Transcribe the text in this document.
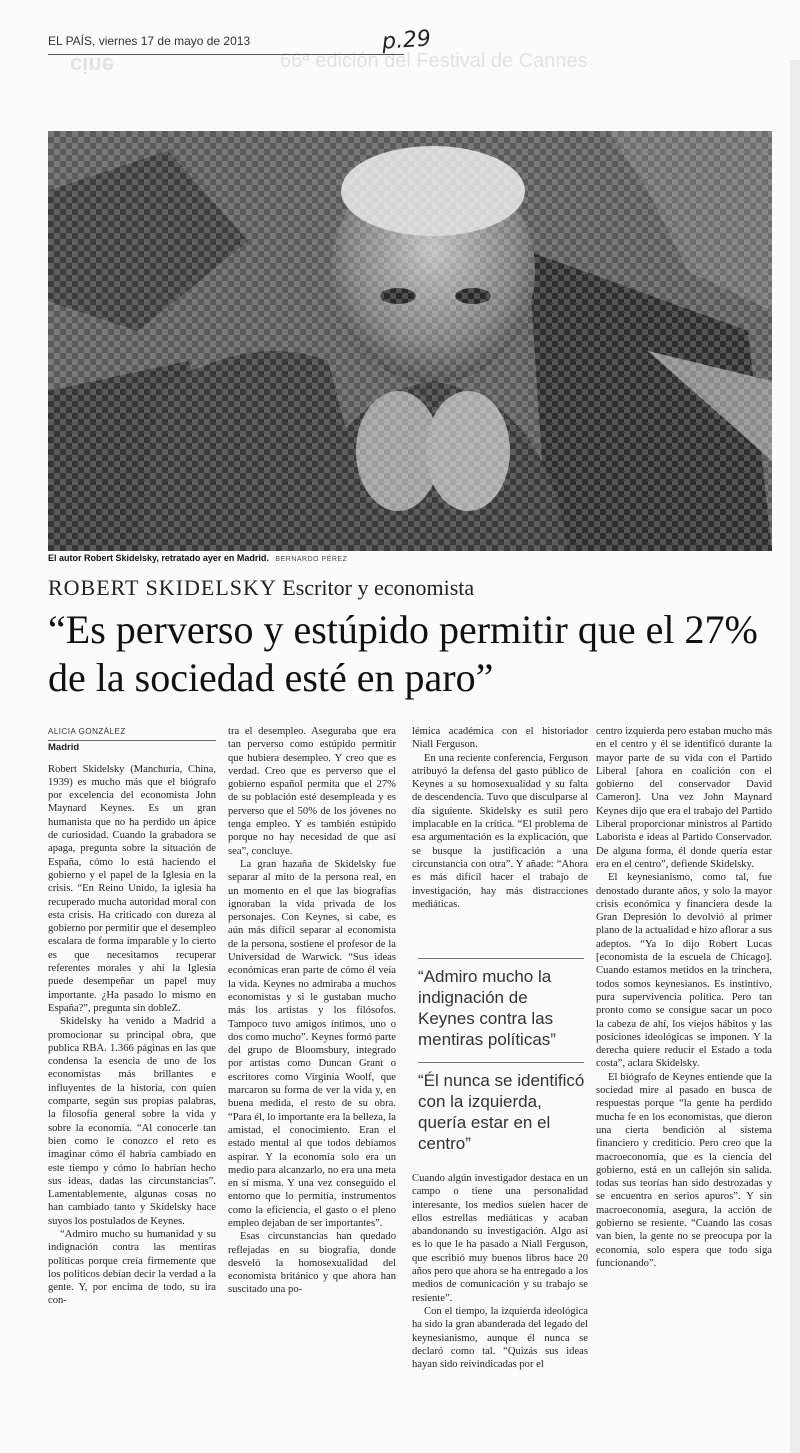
cine	66ª edición del Festival de Cannes
EL PAÍS, viernes 17 de mayo de 2013	p.29
El autor Robert Skidelsky, retratado ayer en Madrid. BERNARDO PÉREZ
ROBERT SKIDELSKY Escritor y economista
“Es perverso y estúpido permitir que el 27% de la sociedad esté en paro”
ALICIA GONZÁLEZ
Madrid

Robert Skidelsky (Manchuria, China, 1939) es mucho más que el biógrafo por excelencia del economista John Maynard Keynes. Es un gran humanista que no ha perdido un ápice de curiosidad. Cuando la grabadora se apaga, pregunta sobre la situación de España, cómo lo está haciendo el gobierno y el papel de la Iglesia en la crisis. “En Reino Unido, la iglesia ha recuperado mucha autoridad moral con esta crisis. Ha criticado con dureza al gobierno por permitir que el desempleo escalara de forma imparable y lo cierto es que necesitamos recuperar referentes morales y ahí la Iglesia puede desempeñar un papel muy importante. ¿Ha pasado lo mismo en España?”, pregunta sin dobleZ.

Skidelsky ha venido a Madrid a promocionar su principal obra, que publica RBA. 1.366 páginas en las que condensa la esencia de uno de los economistas más brillantes e influyentes de la historia, con quien comparte, según sus propias palabras, la filosofía general sobre la vida y sobre la economía. “Al conocerle tan bien como le conozco el reto es imaginar cómo él habría cambiado en este tiempo y cómo lo habrían hecho sus ideas, dadas las circunstancias”. Lamentablemente, algunas cosas no han cambiado tanto y Skidelsky hace suyos los postulados de Keynes.

“Admiro mucho su humanidad y su indignación contra las mentiras políticas porque creía firmemente que los políticos debían decir la verdad a la gente. Y, por encima de todo, su ira con-

tra el desempleo. Aseguraba que era tan perverso como estúpido permitir que hubiera desempleo. Y creo que es verdad. Creo que es perverso que el gobierno español permita que el 27% de su población esté desempleada y es perverso que el 50% de los jóvenes no tenga empleo. Y es también estúpido porque no hay necesidad de que así sea”, concluye.

La gran hazaña de Skidelsky fue separar al mito de la persona real, en un momento en el que las biografías ignoraban la vida privada de los personajes. Con Keynes, si cabe, es aún más difícil separar al economista de la persona, sostiene el profesor de la Universidad de Warwick. “Sus ideas económicas eran parte de cómo él veía la vida. Keynes no admiraba a muchos economistas y si le gustaban mucho más los artistas y los filósofos. Tampoco tuvo amigos íntimos, uno o dos como mucho”. Keynes formó parte del grupo de Bloomsbury, integrado por artistas como Duncan Grant o escritores como Virginia Woolf, que marcaron su forma de ver la vida y, en buena medida, el resto de su obra. “Para él, lo importante era la belleza, la amistad, el conocimiento. Eran el estado mental al que todos debíamos aspirar. Y la economía solo era un medio para alcanzarlo, no era una meta en sí misma. Y una vez conseguido el entorno que lo permitía, instrumentos como la eficiencia, el gasto o el pleno empleo dejaban de ser importantes”.

Esas circunstancias han quedado reflejadas en su biografía, donde desveló la homosexualidad del economista británico y que ahora han suscitado una po-

lémica académica con el historiador Niall Ferguson.

En una reciente conferencia, Ferguson atribuyó la defensa del gasto público de Keynes a su homosexualidad y su falta de descendencia. Tuvo que disculparse al día siguiente. Skidelsky es sutil pero implacable en la crítica. “El problema de esa argumentación es la explicación, que se busque la justificación a una circunstancia con otra”. Y añade: “Ahora es más difícil hacer el trabajo de investigación, hay más distracciones mediáticas.

“Admiro mucho la indignación de Keynes contra las mentiras políticas”
“Él nunca se identificó con la izquierda, quería estar en el centro”

Cuando algún investigador destaca en un campo o tiene una personalidad interesante, los medios suelen hacer de ellos estrellas mediáticas y acaban abandonando su investigación. Algo así es lo que le ha pasado a Niall Ferguson, que escribió muy buenos libros hace 20 años pero que ahora se ha entregado a los medios de comunicación y su trabajo se resiente”.

Con el tiempo, la izquierda ideológica ha sido la gran abanderada del legado del keynesianismo, aunque él nunca se declaró como tal. “Quizás sus ideas hayan sido reivindicadas por el

centro izquierda pero estaban mucho más en el centro y él se identificó durante la mayor parte de su vida con el Partido Liberal [ahora en coalición con el gobierno del conservador David Cameron]. Una vez John Maynard Keynes dijo que era el trabajo del Partido Liberal proporcionar ministros al Partido Laborista e ideas al Partido Conservador. De alguna forma, él donde quería estar era en el centro”, defiende Skidelsky.

El keynesianismo, como tal, fue denostado durante años, y solo la mayor crisis económica y financiera desde la Gran Depresión lo devolvió al primer plano de la actualidad e hizo aflorar a sus adeptos. “Ya lo dijo Robert Lucas [economista de la escuela de Chicago]. Cuando estamos metidos en la trinchera, todos somos keynesianos. Es instintivo, pura supervivencia política. Pero tan pronto como se consigue sacar un poco la cabeza de ahí, los viejos hábitos y las posiciones ideológicas se imponen. Y la derecha quiere reducir el Estado a toda costa”, aclara Skidelsky.

El biógrafo de Keynes entiende que la sociedad mire al pasado en busca de respuestas porque “la gente ha perdido mucha fe en los economistas, que dieron una cierta bendición al sistema financiero y crediticio. Pero creo que la macroeconomía, que es la ciencia del gobierno, está en un callejón sin salida. todas sus teorías han sido destrozadas y se encuentra en serios apuros”. Y sin macroeconomía, asegura, la acción de gobierno se resiente. “Cuando las cosas van bien, la gente no se preocupa por la economía, solo espera que todo siga funcionando”.
